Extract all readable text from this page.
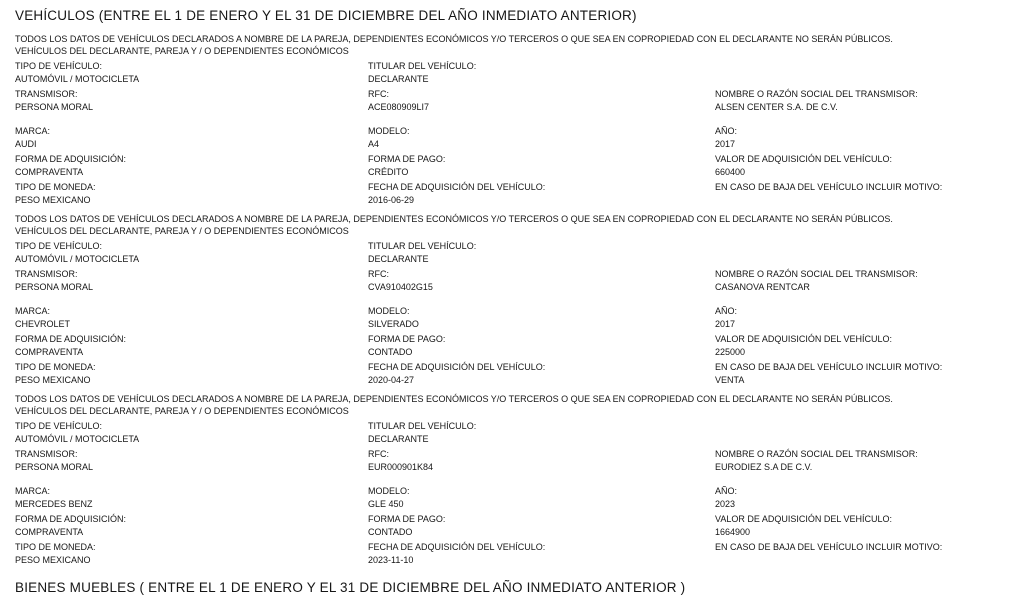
VEHÍCULOS (ENTRE EL 1 DE ENERO Y EL 31 DE DICIEMBRE DEL AÑO INMEDIATO ANTERIOR)
TODOS LOS DATOS DE VEHÍCULOS DECLARADOS A NOMBRE DE LA PAREJA, DEPENDIENTES ECONÓMICOS Y/O TERCEROS O QUE SEA EN COPROPIEDAD CON EL DECLARANTE NO SERÁN PÚBLICOS.
VEHÍCULOS DEL DECLARANTE, PAREJA Y / O DEPENDIENTES ECONÓMICOS
TIPO DE VEHÍCULO:	TITULAR DEL VEHÍCULO:
AUTOMÓVIL / MOTOCICLETA	DECLARANTE
TRANSMISOR:	RFC:	NOMBRE O RAZÓN SOCIAL DEL TRANSMISOR:
PERSONA MORAL	ACE080909LI7	ALSEN CENTER S.A. DE C.V.
MARCA:	MODELO:	AÑO:
AUDI	A4	2017
FORMA DE ADQUISICIÓN:	FORMA DE PAGO:	VALOR DE ADQUISICIÓN DEL VEHÍCULO:
COMPRAVENTA	CRÉDITO	660400
TIPO DE MONEDA:	FECHA DE ADQUISICIÓN DEL VEHÍCULO:	EN CASO DE BAJA DEL VEHÍCULO INCLUIR MOTIVO:
PESO MEXICANO	2016-06-29
TODOS LOS DATOS DE VEHÍCULOS DECLARADOS A NOMBRE DE LA PAREJA, DEPENDIENTES ECONÓMICOS Y/O TERCEROS O QUE SEA EN COPROPIEDAD CON EL DECLARANTE NO SERÁN PÚBLICOS.
VEHÍCULOS DEL DECLARANTE, PAREJA Y / O DEPENDIENTES ECONÓMICOS
TIPO DE VEHÍCULO:	TITULAR DEL VEHÍCULO:
AUTOMÓVIL / MOTOCICLETA	DECLARANTE
TRANSMISOR:	RFC:	NOMBRE O RAZÓN SOCIAL DEL TRANSMISOR:
PERSONA MORAL	CVA910402G15	CASANOVA RENTCAR
MARCA:	MODELO:	AÑO:
CHEVROLET	SILVERADO	2017
FORMA DE ADQUISICIÓN:	FORMA DE PAGO:	VALOR DE ADQUISICIÓN DEL VEHÍCULO:
COMPRAVENTA	CONTADO	225000
TIPO DE MONEDA:	FECHA DE ADQUISICIÓN DEL VEHÍCULO:	EN CASO DE BAJA DEL VEHÍCULO INCLUIR MOTIVO:
PESO MEXICANO	2020-04-27	VENTA
TODOS LOS DATOS DE VEHÍCULOS DECLARADOS A NOMBRE DE LA PAREJA, DEPENDIENTES ECONÓMICOS Y/O TERCEROS O QUE SEA EN COPROPIEDAD CON EL DECLARANTE NO SERÁN PÚBLICOS.
VEHÍCULOS DEL DECLARANTE, PAREJA Y / O DEPENDIENTES ECONÓMICOS
TIPO DE VEHÍCULO:	TITULAR DEL VEHÍCULO:
AUTOMÓVIL / MOTOCICLETA	DECLARANTE
TRANSMISOR:	RFC:	NOMBRE O RAZÓN SOCIAL DEL TRANSMISOR:
PERSONA MORAL	EUR000901K84	EURODIEZ S.A DE C.V.
MARCA:	MODELO:	AÑO:
MERCEDES BENZ	GLE 450	2023
FORMA DE ADQUISICIÓN:	FORMA DE PAGO:	VALOR DE ADQUISICIÓN DEL VEHÍCULO:
COMPRAVENTA	CONTADO	1664900
TIPO DE MONEDA:	FECHA DE ADQUISICIÓN DEL VEHÍCULO:	EN CASO DE BAJA DEL VEHÍCULO INCLUIR MOTIVO:
PESO MEXICANO	2023-11-10
BIENES MUEBLES ( ENTRE EL 1 DE ENERO Y EL 31 DE DICIEMBRE DEL AÑO INMEDIATO ANTERIOR )
